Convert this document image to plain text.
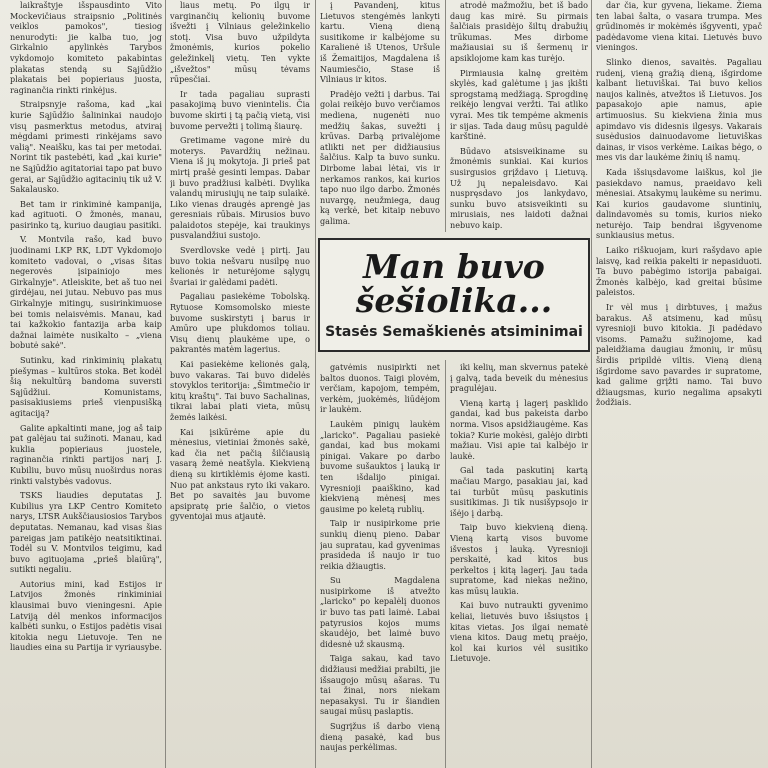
laikraštyje išspausdinto Vito Mockevičiaus straipsnio „Politinės veiklos pamokos", tiesiog nenurodyti: jie kalba tuo, jog Girkalnio apylinkės Tarybos vykdomojo komiteto pakabintas plakatas stendą su Sąjūdžio plakatais bei popieriaus juosta, raginančia rinkti rinkėjus.

Straipsnyje rašoma, kad „kai kurie Sąjūdžio šalininkai naudojo visų pasmerktus metodus, atviraį mėgdami primesti rinkėjams savo valią". Neaišku, kas tai per metodai. Norint tik pastebėti, kad „kai kurie" ne Sąjūdžio agitatoriai tapo pat buvo gerai, ar Sąjūdžio agitacinių tik už V. Sakalausko.

Bet tam ir rinkiminė kampanija, kad agituoti. O žmonės, manau, pasirinko tą, kuriuo daugiau pasitiki.

V. Montvila rašo, kad buvo juodinami LKP RK, LDT Vykdomojo komiteto vadovai, o „visas šitas negerovės įsipainiojo mes Girkalnyje". Atleiskite, bet aš tuo nei girdėjau, nei jutau. Nebuvo pas mus Girkalnyje mitingų, susirinkimuose bei tomis nelaisvėmis. Manau, kad tai kažkokio fantazija arba kaip dažnai laimėte nusikalto – „viena bobutė sakė".

Sutinku, kad rinkiminių plakatų piešymas – kultūros stoka. Bet kodėl šią nekultūrą bandoma suversti Sąjūdžiui. Komunistams, pasisakiusiems prieš vienpusišką agitaciją?

Galite apkaltinti mane, jog aš taip pat galėjau tai sužinoti. Manau, kad kuklia popieriaus juostele, raginančia rinkti partijos narį J. Kubiliu, buvo mūsų nuoširdus noras rinkti valstybės vadovus.

TSKS liaudies deputatas J. Kubilius yra LKP Centro Komiteto narys, LTSR Aukščiausiosios Tarybos deputatas. Nemanau, kad visas šias pareigas jam patikėjo neatsitiktinai. Todėl su V. Montvilos teigimu, kad buvo agituojama „prieš blaiūrą", sutikti negaliu.

Autorius mini, kad Estijos ir Latvijos žmonės rinkiminiai klausimai buvo vieningesni. Apie Latviją dėl menkos informacijos kalbėti sunku, o Estijos padėtis visai kitokia negu Lietuvoje. Ten ne liaudies eina su Partija ir vyriausybe.

liaus metų. Po ilgų ir varginančių kelionių buvome išvežti į Vilniaus geležinkelio stotį. Visa buvo užpildyta žmonėmis, kurios pokelio geležinkelį vietų. Ten vykte „išvežtos" mūsų tėvams rūpesčiai.

Ir tada pagaliau suprasti pasakojimą buvo vienintelis. Čia buvome skirti į tą pačią vietą, visi buvome pervežti į tolimą šiaurę.

Gretimame vagone mirė du moterys. Pavardžių nežinau. Viena iš jų mokytoja. Ji prieš pat mirtį prašė gesinti lempas. Dabar ji buvo pradžiusi kalbėti. Dvylika valandų mirusiųjų ne taip sulaikė. Liko vienas draugės aprengė jas geresniais rūbais. Mirusios buvo palaidotos stepėje, kai traukinys pusvalandžiui sustojo.

Sverdlovske vedė į pirtį. Jau buvo tokia nešvaru nusilpę nuo kelionės ir neturėjome sąlygų švariai ir galėdami padėti.

Pagaliau pasiekėme Tobolską. Rytuose Komsomolsko mieste buvome suskirstyti į barus ir Amūro upe plukdomos toliau. Visų dienų plaukėme upe, o pakrantės matėm lagerius.

Kai pasiekėme kelionės galą, buvo vakaras. Tai buvo didelės stovyklos teritorija: „Šimtmečio ir kitų kraštų". Tai buvo Sachalinas, tikrai labai plati vieta, mūsų žemės laikėsi.

Kai įsikūrėme apie du mėnesius, vietiniai žmonės sakė, kad čia net pačią šilčiausią vasarą žemė neatšyla. Kiekvieną dieną su kirtiklėmis ėjome kasti. Nuo pat ankstaus ryto iki vakaro. Bet po savaitės jau buvome apsipratę prie šalčio, o vietos gyventojai mus atjautė.

į Pavandenį, kitus Lietuvos stengėmės lankyti kartu. Vieną dieną susitikome ir kalbėjome su Karalienė iš Utenos, Uršule iš Žemaitijos, Magdalena iš Naumiesčio, Stase iš Vilniaus ir kitos.

Pradėjo vežti į darbus. Tai golai reikėjo buvo verčiamos mediena, nugenėti nuo medžių šakas, suvežti į krūvas. Darbą privalėjome atlikti net per didžiausius šalčius. Kalp ta buvo sunku. Dirbome labai lėtai, vis ir nerkamos rankos, kai kurios tapo nuo ilgo darbo. Žmonės nuvargę, neužmiega, daug ką verkė, bet kitaip nebuvo galima.

atrodė mažmožiu, bet iš bado daug kas mirė. Su pirmais šalčiais prasidėjo šiltų drabužių trūkumas. Mes dirbome mažiausiai su iš šermenų ir apsiklojome kam kas turėjo.

Pirmiausia kalnę greitėm skylės, kad galėtume į jas įkišti sprogstamą medžiagą. Sprogdinę reikėjo lengvai veržti. Tai atliko vyrai. Mes tik tempėme akmenis ir sijas. Tada daug mūsų paguldė karštinė.

Būdavo atsisveikiname su žmonėmis sunkiai. Kai kurios susirgusios grįždavo į Lietuvą. Už jų nepaleisdavo. Kai nuspręsdavo jos lankydavo, sunku buvo atsisveikinti su mirusiais, nes laidoti dažnai nebuvo kaip.

Man buvo
šešiolika...
Stasės Semaškienės atsiminimai

gatvėmis nusipirkti net baltos duonos. Taigi plovėm, verčiam, kapojom, tempėm, verkėm, juokėmės, liūdėjom ir laukėm.

Laukėm pinigų laukėm „laricko". Pagaliau pasiekė gandai, kad bus mokami pinigai. Vakare po darbo buvome sušauktos į lauką ir ten išdalijo pinigai. Vyresnioji paaiškino, kad kiekvieną mėnesį mes gausime po keletą rublių.

Taip ir nusipirkome prie sunkių dienų pieno. Dabar jau supratau, kad gyvenimas prasideda iš naujo ir tuo reikia džiaugtis.

Su Magdalena nusipirkome iš atvežto „laricko" po kepalėlį duonos ir buvo tas pati laimė. Labai patyrusios kojos mums skaudėjo, bet laimė buvo didesnė už skausmą.

Taiga sakau, kad tavo didžiausi medžiai prabilti, jie išsaugojo mūsų ašaras. Tu tai žinai, nors niekam nepasakysi. Tu ir šiandien saugai mūsų paslaptis.

Sugrįžus iš darbo vieną dieną pasakė, kad bus naujas perkėlimas.

iki kelių, man skvernus patekė į galvą, tada beveik du mėnesius pragulėjau.

Vieną kartą į lagerį pasklido gandai, kad bus pakeista darbo norma. Visos apsidžiaugėme. Kas tokia? Kurie mokėsi, galėjo dirbti mažiau. Visi apie tai kalbėjo ir laukė.

Gal tada paskutinį kartą mačiau Margo, pasakiau jai, kad tai turbūt mūsų paskutinis susitikimas. Ji tik nusišypsojo ir išėjo į darbą.

Taip buvo kiekvieną dieną. Vieną kartą visos buvome išvestos į lauką. Vyresnioji perskaitė, kad kitos bus perkeltos į kitą lagerį. Jau tada supratome, kad niekas nežino, kas mūsų laukia.

Kai buvo nutraukti gyvenimo keliai, lietuvės buvo išsiųstos į kitas vietas. Jos ilgai nematė viena kitos. Daug metų praėjo, kol kai kurios vėl susitiko Lietuvoje.

dar čia, kur gyvena, liekame. Žiema ten labai šalta, o vasara trumpa. Mes grūdinomės ir mokėmės išgyventi, ypač padėdavome viena kitai. Lietuvės buvo vieningos.

Slinko dienos, savaitės. Pagaliau rudenį, vieną gražią dieną, išgirdome kalbant lietuviškai. Tai buvo kelios naujos kalinės, atvežtos iš Lietuvos. Jos papasakojo apie namus, apie artimuosius. Su kiekviena žinia mus apimdavo vis didesnis ilgesys. Vakarais susėdusios dainuodavome lietuviškas dainas, ir visos verkėme. Laikas bėgo, o mes vis dar laukėme žinių iš namų.

Kada išsiųsdavome laiškus, kol jie pasiekdavo namus, praeidavo keli mėnesiai. Atsakymų laukėme su nerimu. Kai kurios gaudavome siuntinių, dalindavomės su tomis, kurios nieko neturėjo. Taip bendrai išgyvenome sunkiausius metus.

Laiko riškuojam, kuri rašydavo apie laisvę, kad reikia pakelti ir nepasiduoti. Ta buvo pabėgimo istorija pabaigai. Žmonės kalbėjo, kad greitai būsime paleistos.

Ir vėl mus į dirbtuves, į mažus barakus. Aš atsimenu, kad mūsų vyresnioji buvo kitokia. Ji padėdavo visoms. Pamažu sužinojome, kad paleidžiama daugiau žmonių, ir mūsų širdis pripildė viltis. Vieną dieną išgirdome savo pavardes ir supratome, kad galime grįžti namo. Tai buvo džiaugsmas, kurio negalima apsakyti žodžiais.
